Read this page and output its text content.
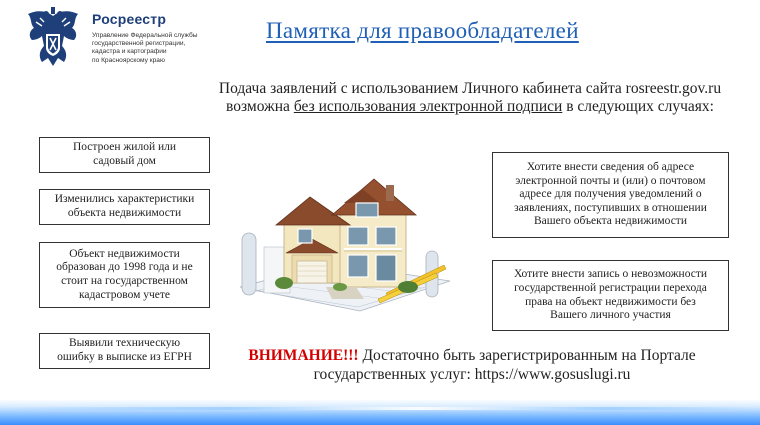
Росреестр
Управление Федеральной службы
государственной регистрации,
кадастра и картографии
по Красноярскому краю
Памятка для правообладателей
Подача заявлений с использованием Личного кабинета сайта rosreestr.gov.ru
возможна без использования электронной подписи в следующих случаях:
Построен жилой или
садовый дом
Изменились характеристики
объекта недвижимости
Объект недвижимости
образован до 1998 года и не
стоит на государственном
кадастровом учете
Выявили техническую
ошибку в выписке из ЕГРН
Хотите внести сведения об адресе
электронной почты и (или) о почтовом
адресе для получения уведомлений о
заявлениях, поступивших в отношении
Вашего объекта недвижимости
Хотите внести запись о невозможности
государственной регистрации перехода
права на объект недвижимости без
Вашего личного участия
ВНИМАНИЕ!!! Достаточно быть зарегистрированным на Портале
государственных услуг: https://www.gosuslugi.ru
